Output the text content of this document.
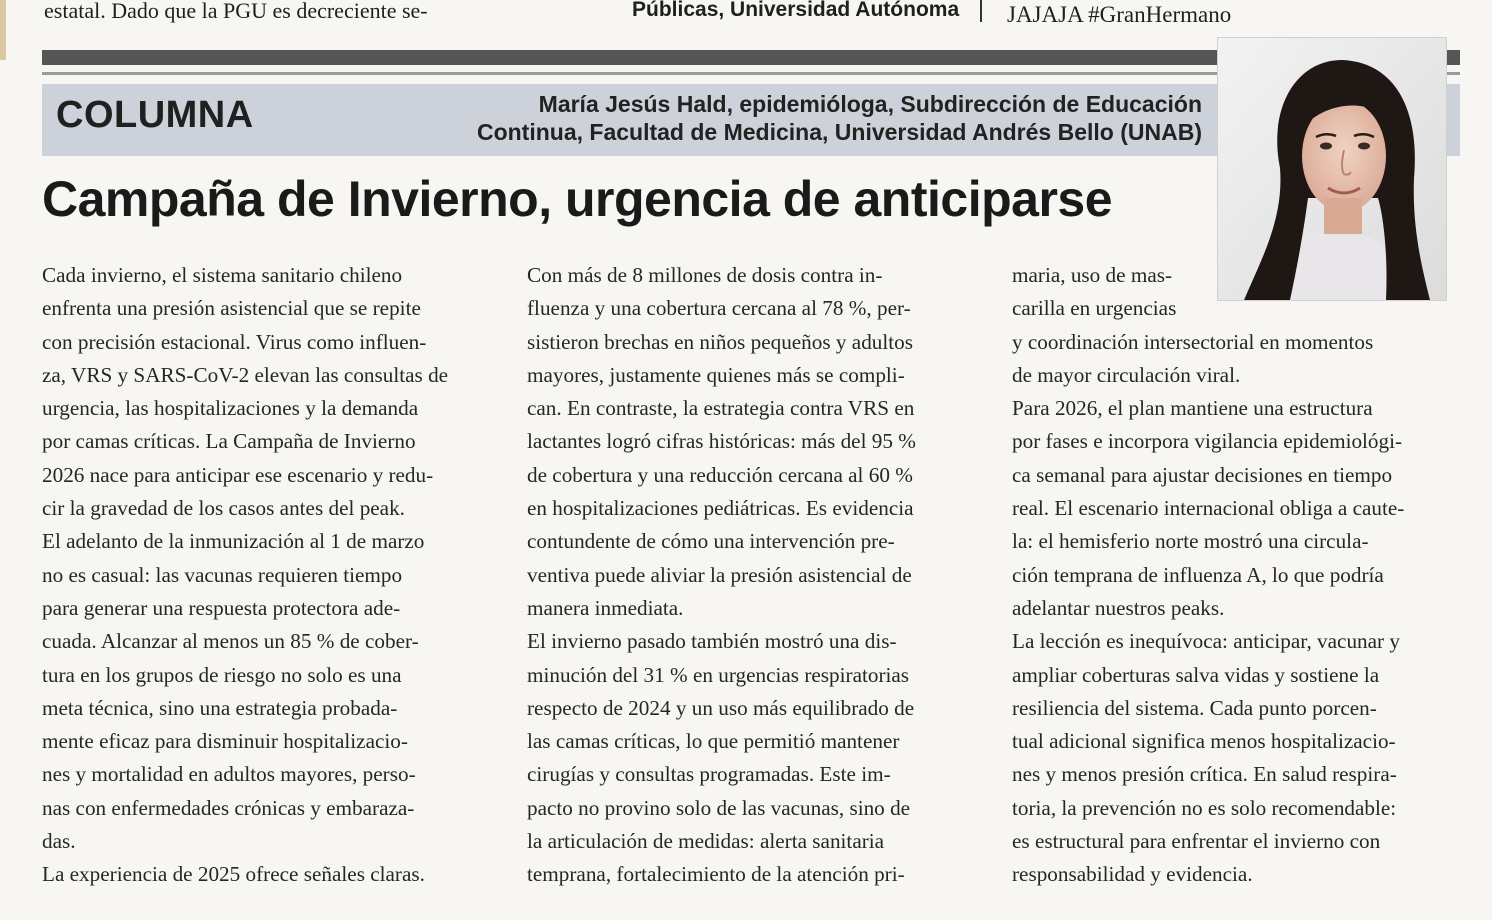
estatal. Dado que la PGU es decreciente se-	Públicas, Universidad Autónoma JAJAJA #GranHermano
COLUMNA	María Jesús Hald, epidemióloga, Subdirección de Educación
Continua, Facultad de Medicina, Universidad Andrés Bello (UNAB)
Campaña de Invierno, urgencia de anticiparse
Cada invierno, el sistema sanitario chileno
enfrenta una presión asistencial que se repite
con precisión estacional. Virus como influen-
za, VRS y SARS-CoV-2 elevan las consultas de
urgencia, las hospitalizaciones y la demanda
por camas críticas. La Campaña de Invierno
2026 nace para anticipar ese escenario y redu-
cir la gravedad de los casos antes del peak.
El adelanto de la inmunización al 1 de marzo
no es casual: las vacunas requieren tiempo
para generar una respuesta protectora ade-
cuada. Alcanzar al menos un 85 % de cober-
tura en los grupos de riesgo no solo es una
meta técnica, sino una estrategia probada-
mente eficaz para disminuir hospitalizacio-
nes y mortalidad en adultos mayores, perso-
nas con enfermedades crónicas y embaraza-
das.
La experiencia de 2025 ofrece señales claras.
Con más de 8 millones de dosis contra in-
fluenza y una cobertura cercana al 78 %, per-
sistieron brechas en niños pequeños y adultos
mayores, justamente quienes más se compli-
can. En contraste, la estrategia contra VRS en
lactantes logró cifras históricas: más del 95 %
de cobertura y una reducción cercana al 60 %
en hospitalizaciones pediátricas. Es evidencia
contundente de cómo una intervención pre-
ventiva puede aliviar la presión asistencial de
manera inmediata.
El invierno pasado también mostró una dis-
minución del 31 % en urgencias respiratorias
respecto de 2024 y un uso más equilibrado de
las camas críticas, lo que permitió mantener
cirugías y consultas programadas. Este im-
pacto no provino solo de las vacunas, sino de
la articulación de medidas: alerta sanitaria
temprana, fortalecimiento de la atención pri-
maria, uso de mas-
carilla en urgencias
y coordinación intersectorial en momentos
de mayor circulación viral.
Para 2026, el plan mantiene una estructura
por fases e incorpora vigilancia epidemiológi-
ca semanal para ajustar decisiones en tiempo
real. El escenario internacional obliga a caute-
la: el hemisferio norte mostró una circula-
ción temprana de influenza A, lo que podría
adelantar nuestros peaks.
La lección es inequívoca: anticipar, vacunar y
ampliar coberturas salva vidas y sostiene la
resiliencia del sistema. Cada punto porcen-
tual adicional significa menos hospitalizacio-
nes y menos presión crítica. En salud respira-
toria, la prevención no es solo recomendable:
es estructural para enfrentar el invierno con
responsabilidad y evidencia.
